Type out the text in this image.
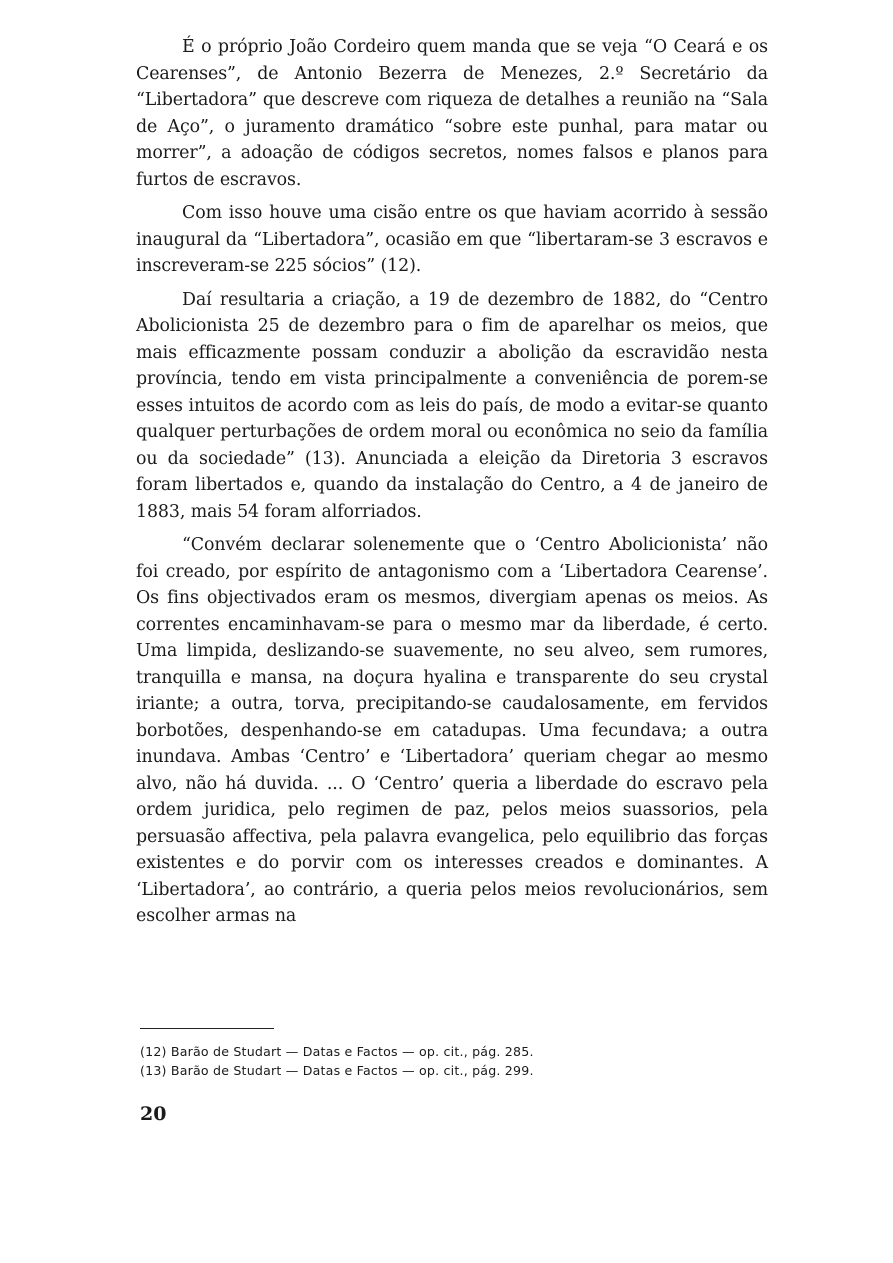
É o próprio João Cordeiro quem manda que se veja “O Ceará e os Cearenses”, de Antonio Bezerra de Menezes, 2.º Secretário da “Libertadora” que descreve com riqueza de detalhes a reunião na “Sala de Aço”, o juramento dramático “sobre este punhal, para matar ou morrer”, a adoação de códigos secretos, nomes falsos e planos para furtos de escravos.

Com isso houve uma cisão entre os que haviam acorrido à sessão inaugural da “Libertadora”, ocasião em que “libertaram-se 3 escravos e inscreveram-se 225 sócios” (12).

Daí resultaria a criação, a 19 de dezembro de 1882, do “Centro Abolicionista 25 de dezembro para o fim de aparelhar os meios, que mais efficazmente possam conduzir a abolição da escravidão nesta província, tendo em vista principalmente a conveniência de porem-se esses intuitos de acordo com as leis do país, de modo a evitar-se quanto qualquer perturbações de ordem moral ou econômica no seio da família ou da sociedade” (13). Anunciada a eleição da Diretoria 3 escravos foram libertados e, quando da instalação do Centro, a 4 de janeiro de 1883, mais 54 foram alforriados.

“Convém declarar solenemente que o ‘Centro Abolicionista’ não foi creado, por espírito de antagonismo com a ‘Libertadora Cearense’. Os fins objectivados eram os mesmos, divergiam apenas os meios. As correntes encaminhavam-se para o mesmo mar da liberdade, é certo. Uma limpida, deslizando-se suavemente, no seu alveo, sem rumores, tranquilla e mansa, na doçura hyalina e transparente do seu crystal iriante; a outra, torva, precipitando-se caudalosamente, em fervidos borbotões, despenhando-se em catadupas. Uma fecundava; a outra inundava. Ambas ‘Centro’ e ‘Libertadora’ queriam chegar ao mesmo alvo, não há duvida. ... O ‘Centro’ queria a liberdade do escravo pela ordem juridica, pelo regimen de paz, pelos meios suassorios, pela persuasão affectiva, pela palavra evangelica, pelo equilibrio das forças existentes e do porvir com os interesses creados e dominantes. A ‘Libertadora’, ao contrário, a queria pelos meios revolucionários, sem escolher armas na

(12) Barão de Studart — Datas e Factos — op. cit., pág. 285.
(13) Barão de Studart — Datas e Factos — op. cit., pág. 299.
20
